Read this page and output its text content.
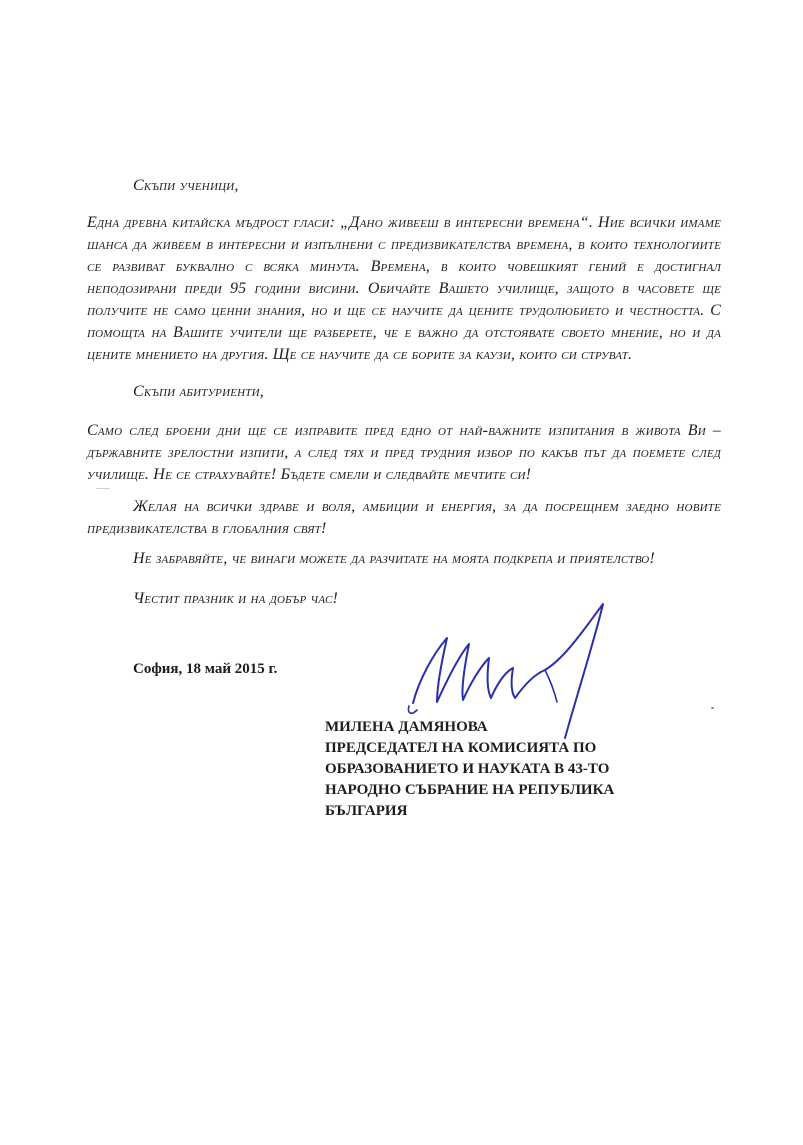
Скъпи ученици,

Една древна китайска мъдрост гласи: „Дано живееш в интересни времена“. Ние всички имаме шанса да живеем в интересни и изпълнени с предизвикателства времена, в които технологиите се развиват буквално с всяка минута. Времена, в които човешкият гений е достигнал неподозирани преди 95 години висини. Обичайте Вашето училище, защото в часовете ще получите не само ценни знания, но и ще се научите да цените трудолюбието и честността. С помощта на Вашите учители ще разберете, че е важно да отстоявате своето мнение, но и да цените мнението на другия. Ще се научите да се борите за каузи, които си струват.

Скъпи абитуриенти,

Само след броени дни ще се изправите пред едно от най-важните изпитания в живота Ви – държавните зрелостни изпити, а след тях и пред трудния избор по какъв път да поемете след училище. Не се страхувайте! Бъдете смели и следвайте мечтите си!

Желая на всички здраве и воля, амбиции и енергия, за да посрещнем заедно новите предизвикателства в глобалния свят!

Не забравяйте, че винаги можете да разчитате на моята подкрепа и приятелство!
Честит празник и на добър час!
София, 18 май 2015 г.
МИЛЕНА ДАМЯНОВА
ПРЕДСЕДАТЕЛ НА КОМИСИЯТА ПО
ОБРАЗОВАНИЕТО И НАУКАТА В 43-ТО
НАРОДНО СЪБРАНИЕ НА РЕПУБЛИКА
БЪЛГАРИЯ
